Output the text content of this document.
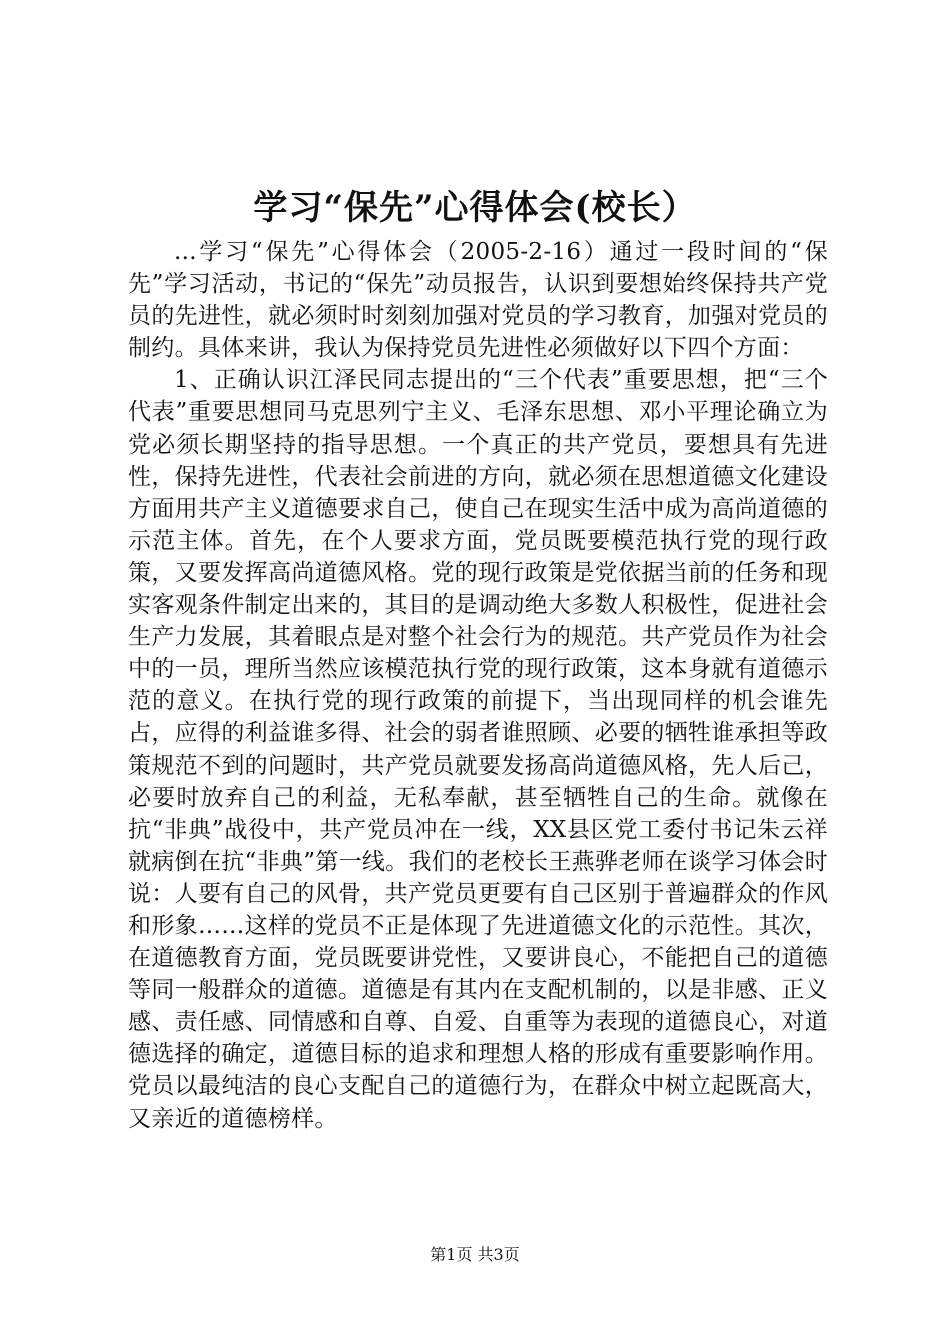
学习“保先”心得体会(校长）

...学习“保先”心得体会（2005-2-16）通过一段时间的“保先”学习活动，书记的“保先”动员报告，认识到要想始终保持共产党员的先进性，就必须时时刻刻加强对党员的学习教育，加强对党员的制约。具体来讲，我认为保持党员先进性必须做好以下四个方面：

1、正确认识江泽民同志提出的“三个代表”重要思想，把“三个代表”重要思想同马克思列宁主义、毛泽东思想、邓小平理论确立为党必须长期坚持的指导思想。一个真正的共产党员，要想具有先进性，保持先进性，代表社会前进的方向，就必须在思想道德文化建设方面用共产主义道德要求自己，使自己在现实生活中成为高尚道德的示范主体。首先，在个人要求方面，党员既要模范执行党的现行政策，又要发挥高尚道德风格。党的现行政策是党依据当前的任务和现实客观条件制定出来的，其目的是调动绝大多数人积极性，促进社会生产力发展，其着眼点是对整个社会行为的规范。共产党员作为社会中的一员，理所当然应该模范执行党的现行政策，这本身就有道德示范的意义。在执行党的现行政策的前提下，当出现同样的机会谁先占，应得的利益谁多得、社会的弱者谁照顾、必要的牺牲谁承担等政策规范不到的问题时，共产党员就要发扬高尚道德风格，先人后己，必要时放弃自己的利益，无私奉献，甚至牺牲自己的生命。就像在抗“非典”战役中，共产党员冲在一线，XX县区党工委付书记朱云祥就病倒在抗“非典”第一线。我们的老校长王燕骅老师在谈学习体会时说：人要有自己的风骨，共产党员更要有自己区别于普遍群众的作风和形象……这样的党员不正是体现了先进道德文化的示范性。其次，在道德教育方面，党员既要讲党性，又要讲良心，不能把自己的道德等同一般群众的道德。道德是有其内在支配机制的，以是非感、正义感、责任感、同情感和自尊、自爱、自重等为表现的道德良心，对道德选择的确定，道德目标的追求和理想人格的形成有重要影响作用。党员以最纯洁的良心支配自己的道德行为，在群众中树立起既高大，又亲近的道德榜样。

第1页 共3页
